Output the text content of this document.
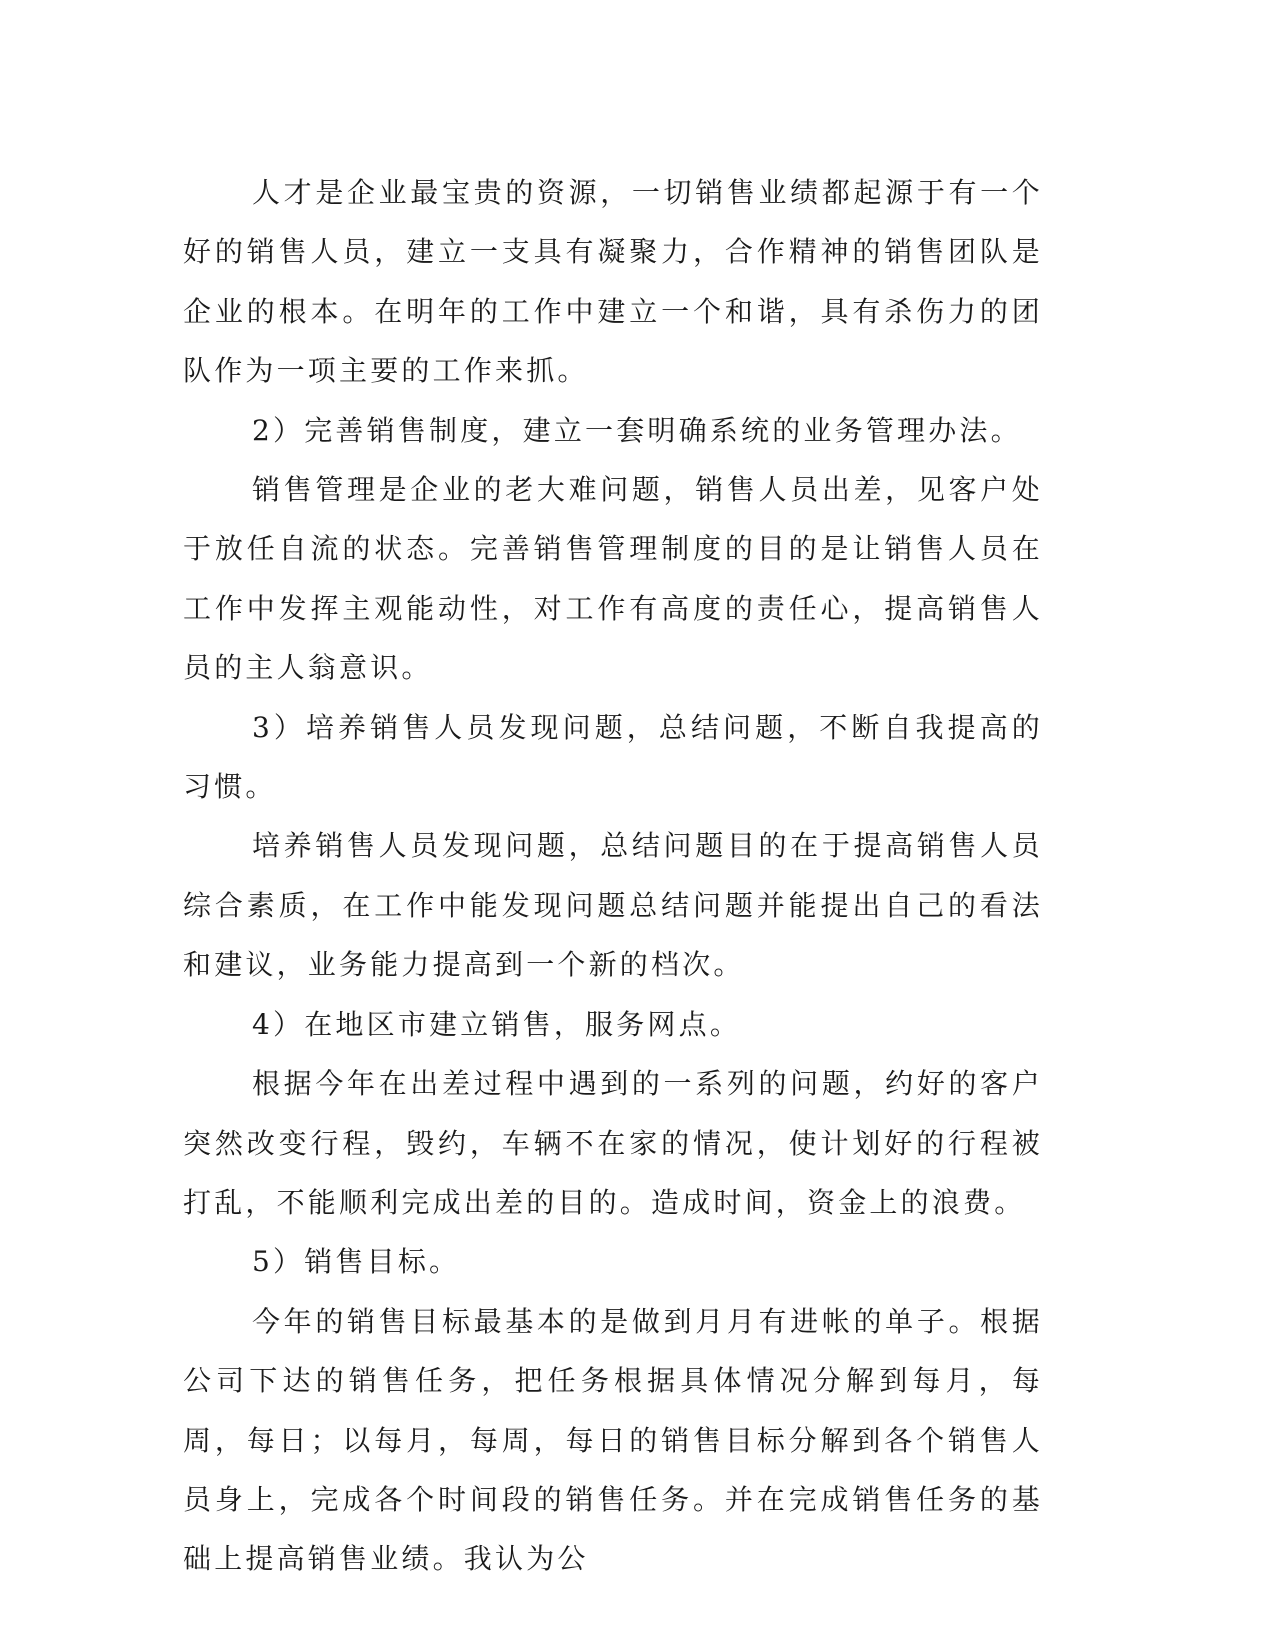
人才是企业最宝贵的资源，一切销售业绩都起源于有一个好的销售人员，建立一支具有凝聚力，合作精神的销售团队是企业的根本。在明年的工作中建立一个和谐，具有杀伤力的团队作为一项主要的工作来抓。

2）完善销售制度，建立一套明确系统的业务管理办法。

销售管理是企业的老大难问题，销售人员出差，见客户处于放任自流的状态。完善销售管理制度的目的是让销售人员在工作中发挥主观能动性，对工作有高度的责任心，提高销售人员的主人翁意识。

3）培养销售人员发现问题，总结问题，不断自我提高的习惯。

培养销售人员发现问题，总结问题目的在于提高销售人员综合素质，在工作中能发现问题总结问题并能提出自己的看法和建议，业务能力提高到一个新的档次。

4）在地区市建立销售，服务网点。

根据今年在出差过程中遇到的一系列的问题，约好的客户突然改变行程，毁约，车辆不在家的情况，使计划好的行程被打乱，不能顺利完成出差的目的。造成时间，资金上的浪费。

5）销售目标。

今年的销售目标最基本的是做到月月有进帐的单子。根据公司下达的销售任务，把任务根据具体情况分解到每月，每周，每日；以每月，每周，每日的销售目标分解到各个销售人员身上，完成各个时间段的销售任务。并在完成销售任务的基础上提高销售业绩。我认为公
